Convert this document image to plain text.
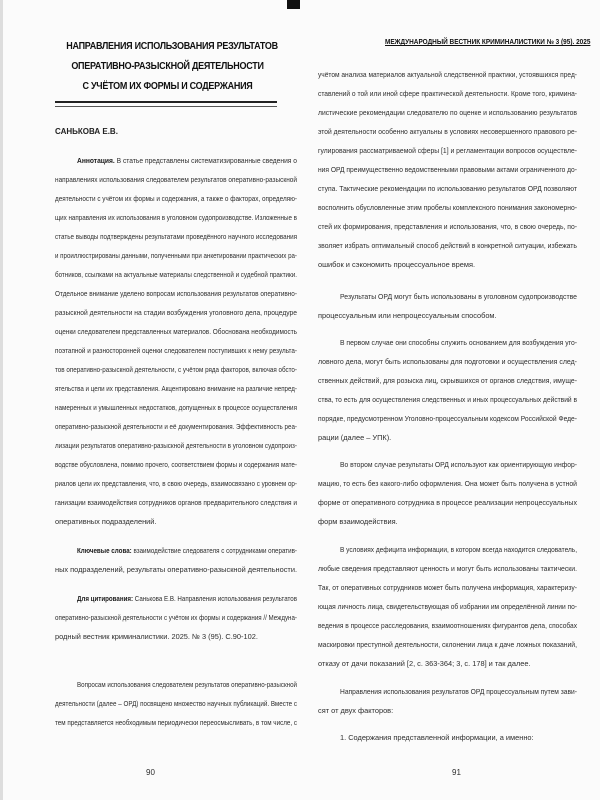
НАПРАВЛЕНИЯ ИСПОЛЬЗОВАНИЯ РЕЗУЛЬТАТОВ
ОПЕРАТИВНО-РАЗЫСКНОЙ ДЕЯТЕЛЬНОСТИ
С УЧЁТОМ ИХ ФОРМЫ И СОДЕРЖАНИЯ
САНЬКОВА Е.В.
Аннотация. В статье представлены систематизированные сведения о
направлениях использования следователем результатов оперативно-разыскной
деятельности с учётом их формы и содержания, а также о факторах, определяю-
щих направления их использования в уголовном судопроизводстве. Изложенные в
статье выводы подтверждены результатами проведённого научного исследования
и проиллюстрированы данными, полученными при анкетировании практических ра-
ботников, ссылками на актуальные материалы следственной и судебной практики.
Отдельное внимание уделено вопросам использования результатов оперативно-
разыскной деятельности на стадии возбуждения уголовного дела, процедуре
оценки следователем представленных материалов. Обоснована необходимость
поэтапной и разносторонней оценки следователем поступивших к нему результа-
тов оперативно-разыскной деятельности, с учётом ряда факторов, включая обсто-
ятельства и цели их представления. Акцентировано внимание на различие непред-
намеренных и умышленных недостатков, допущенных в процессе осуществления
оперативно-разыскной деятельности и её документирования. Эффективность реа-
лизации результатов оперативно-разыскной деятельности в уголовном судопроиз-
водстве обусловлена, помимо прочего, соответствием формы и содержания мате-
риалов цели их представления, что, в свою очередь, взаимосвязано с уровнем ор-
ганизации взаимодействия сотрудников органов предварительного следствия и
оперативных подразделений.
Ключевые слова: взаимодействие следователя с сотрудниками оператив-
ных подразделений, результаты оперативно-разыскной деятельности.
Для цитирования: Санькова Е.В. Направления использования результатов
оперативно-разыскной деятельности с учётом их формы и содержания // Междуна-
родный вестник криминалистики. 2025. № 3 (95). С.90-102.
Вопросам использования следователем результатов оперативно-разыскной
деятельности (далее – ОРД) посвящено множество научных публикаций. Вместе с
тем представляется необходимым периодически переосмысливать, в том числе, с
90
МЕЖДУНАРОДНЫЙ ВЕСТНИК КРИМИНАЛИСТИКИ № 3 (95). 2025
учётом анализа материалов актуальной следственной практики, устоявшихся пред-
ставлений о той или иной сфере практической деятельности. Кроме того, кримина-
листические рекомендации следователю по оценке и использованию результатов
этой деятельности особенно актуальны в условиях несовершенного правового ре-
гулирования рассматриваемой сферы [1] и регламентации вопросов осуществле-
ния ОРД преимущественно ведомственными правовыми актами ограниченного до-
ступа. Тактические рекомендации по использованию результатов ОРД позволяют
восполнить обусловленные этим пробелы комплексного понимания закономерно-
стей их формирования, представления и использования, что, в свою очередь, по-
зволяет избрать оптимальный способ действий в конкретной ситуации, избежать
ошибок и сэкономить процессуальное время.
Результаты ОРД могут быть использованы в уголовном судопроизводстве
процессуальным или непроцессуальным способом.
В первом случае они способны служить основанием для возбуждения уго-
ловного дела, могут быть использованы для подготовки и осуществления след-
ственных действий, для розыска лиц, скрывшихся от органов следствия, имуще-
ства, то есть для осуществления следственных и иных процессуальных действий в
порядке, предусмотренном Уголовно-процессуальным кодексом Российской Феде-
рации (далее – УПК).
Во втором случае результаты ОРД используют как ориентирующую инфор-
мацию, то есть без какого-либо оформления. Она может быть получена в устной
форме от оперативного сотрудника в процессе реализации непроцессуальных
форм взаимодействия.
В условиях дефицита информации, в котором всегда находится следователь,
любые сведения представляют ценность и могут быть использованы тактически.
Так, от оперативных сотрудников может быть получена информация, характеризу-
ющая личность лица, свидетельствующая об избрании им определённой линии по-
ведения в процессе расследования, взаимоотношениях фигурантов дела, способах
маскировки преступной деятельности, склонении лица к даче ложных показаний,
отказу от дачи показаний [2, с. 363-364; 3, с. 178] и так далее.
Направления использования результатов ОРД процессуальным путем зави-
сят от двух факторов:
1. Содержания представленной информации, а именно:
91
